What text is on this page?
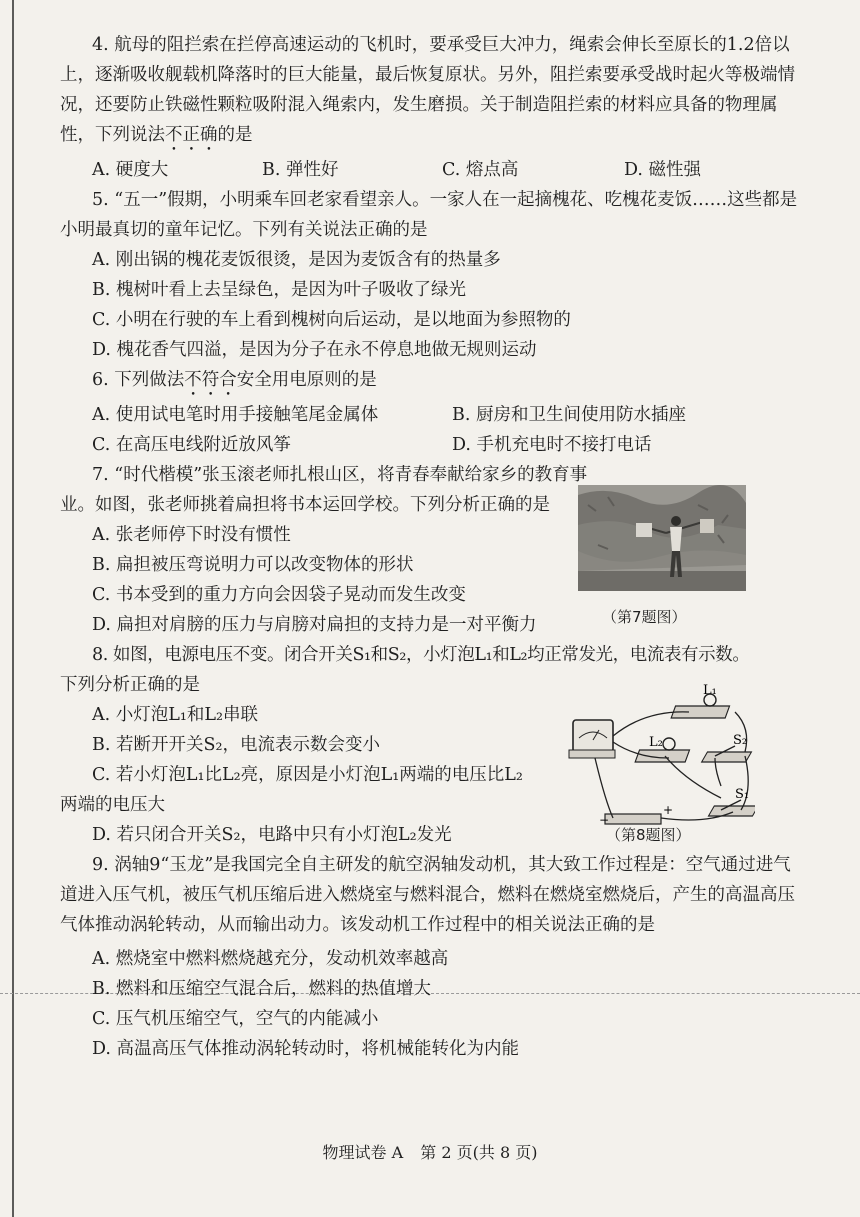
4. 航母的阻拦索在拦停高速运动的飞机时，要承受巨大冲力，绳索会伸长至原长的1.2倍以上，逐渐吸收舰载机降落时的巨大能量，最后恢复原状。另外，阻拦索要承受战时起火等极端情况，还要防止铁磁性颗粒吸附混入绳索内，发生磨损。关于制造阻拦索的材料应具备的物理属性，下列说法不正确的是

A. 硬度大	B. 弹性好	C. 熔点高	D. 磁性强

5. “五一”假期，小明乘车回老家看望亲人。一家人在一起摘槐花、吃槐花麦饭……这些都是小明最真切的童年记忆。下列有关说法正确的是

A. 刚出锅的槐花麦饭很烫，是因为麦饭含有的热量多
B. 槐树叶看上去呈绿色，是因为叶子吸收了绿光
C. 小明在行驶的车上看到槐树向后运动，是以地面为参照物的
D. 槐花香气四溢，是因为分子在永不停息地做无规则运动

6. 下列做法不符合安全用电原则的是

A. 使用试电笔时用手接触笔尾金属体	B. 厨房和卫生间使用防水插座
C. 在高压电线附近放风筝	D. 手机充电时不接打电话

7. “时代楷模”张玉滚老师扎根山区，将青春奉献给家乡的教育事业。如图，张老师挑着扁担将书本运回学校。下列分析正确的是

A. 张老师停下时没有惯性
B. 扁担被压弯说明力可以改变物体的形状
C. 书本受到的重力方向会因袋子晃动而发生改变
D. 扁担对肩膀的压力与肩膀对扁担的支持力是一对平衡力

8. 如图，电源电压不变。闭合开关S₁和S₂，小灯泡L₁和L₂均正常发光，电流表有示数。

下列分析正确的是

A. 小灯泡L₁和L₂串联
B. 若断开开关S₂，电流表示数会变小
C. 若小灯泡L₁比L₂亮，原因是小灯泡L₁两端的电压比L₂
两端的电压大
D. 若只闭合开关S₂，电路中只有小灯泡L₂发光

9. 涡轴9“玉龙”是我国完全自主研发的航空涡轴发动机，其大致工作过程是：空气通过进气道进入压气机，被压气机压缩后进入燃烧室与燃料混合，燃料在燃烧室燃烧后，产生的高温高压气体推动涡轮转动，从而输出动力。该发动机工作过程中的相关说法正确的是

A. 燃烧室中燃料燃烧越充分，发动机效率越高
B. 燃料和压缩空气混合后，燃料的热值增大
C. 压气机压缩空气，空气的内能减小
D. 高温高压气体推动涡轮转动时，将机械能转化为内能
（第7题图）
−
+
L₁
L₂	S₂
S₁
（第8题图）
物理试卷 A 第 2 页(共 8 页)
